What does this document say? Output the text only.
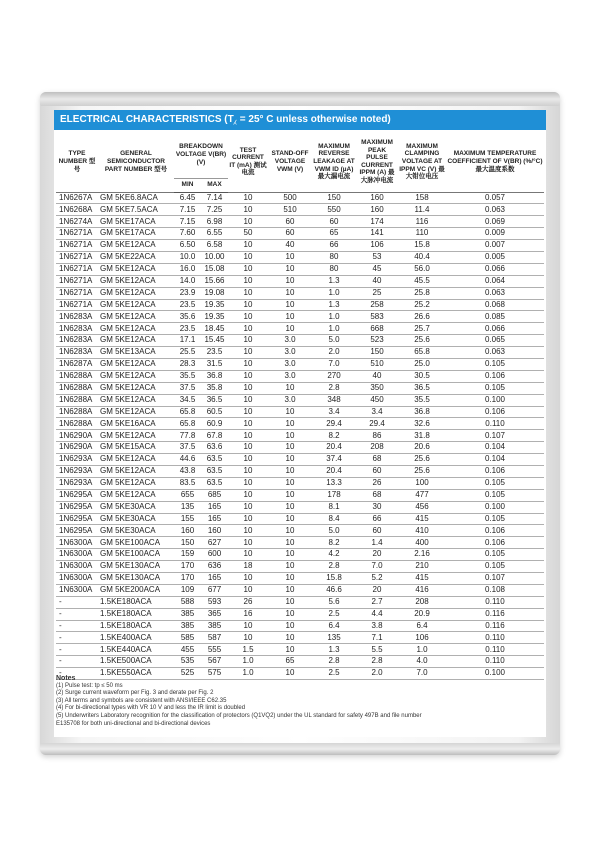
ELECTRICAL CHARACTERISTICS (T⁁ = 25° C unless otherwise noted)
TYPE NUMBER 型号	GENERAL SEMICONDUCTOR PART NUMBER 型号	BREAKDOWN VOLTAGE V(BR) (V)		TEST CURRENT IT (mA) 测试电流	STAND-OFF VOLTAGE VWM (V)	MAXIMUM REVERSE LEAKAGE AT VWM ID (µA) 最大漏电流	MAXIMUM PEAK PULSE CURRENT IPPM (A) 最大脉冲电流	MAXIMUM CLAMPING VOLTAGE AT IPPM VC (V) 最大钳位电压	MAXIMUM TEMPERATURE COEFFICIENT OF V(BR) (%/°C) 最大温度系数
		MIN	MAX						
1N6267A	GM 5KE6.8ACA	6.45	7.14	10	500	150	160	158	0.057
1N6268A	GM 5KE7.5ACA	7.15	7.25	10	510	550	160	11.4	0.063
1N6274A	GM 5KE17ACA	7.15	6.98	10	60	60	174	116	0.069
1N6271A	GM 5KE17ACA	7.60	6.55	50	60	65	141	110	0.009
1N6271A	GM 5KE12ACA	6.50	6.58	10	40	66	106	15.8	0.007
1N6271A	GM 5KE22ACA	10.0	10.00	10	10	80	53	40.4	0.005
1N6271A	GM 5KE12ACA	16.0	15.08	10	10	80	45	56.0	0.066
1N6271A	GM 5KE12ACA	14.0	15.66	10	10	1.3	40	45.5	0.064
1N6271A	GM 5KE12ACA	23.9	19.08	10	10	1.0	25	25.8	0.063
1N6271A	GM 5KE12ACA	23.5	19.35	10	10	1.3	258	25.2	0.068
1N6283A	GM 5KE12ACA	35.6	19.35	10	10	1.0	583	26.6	0.085
1N6283A	GM 5KE12ACA	23.5	18.45	10	10	1.0	668	25.7	0.066
1N6283A	GM 5KE12ACA	17.1	15.45	10	3.0	5.0	523	25.6	0.065
1N6283A	GM 5KE13ACA	25.5	23.5	10	3.0	2.0	150	65.8	0.063
1N6287A	GM 5KE12ACA	28.3	31.5	10	3.0	7.0	510	25.0	0.105
1N6288A	GM 5KE12ACA	35.5	36.8	10	3.0	270	40	30.5	0.106
1N6288A	GM 5KE12ACA	37.5	35.8	10	10	2.8	350	36.5	0.105
1N6288A	GM 5KE12ACA	34.5	36.5	10	3.0	348	450	35.5	0.100
1N6288A	GM 5KE12ACA	65.8	60.5	10	10	3.4	3.4	36.8	0.106
1N6288A	GM 5KE16ACA	65.8	60.9	10	10	29.4	29.4	32.6	0.110
1N6290A	GM 5KE12ACA	77.8	67.8	10	10	8.2	86	31.8	0.107
1N6290A	GM 5KE15ACA	37.5	63.6	10	10	20.4	208	20.6	0.104
1N6293A	GM 5KE12ACA	44.6	63.5	10	10	37.4	68	25.6	0.104
1N6293A	GM 5KE12ACA	43.8	63.5	10	10	20.4	60	25.6	0.106
1N6293A	GM 5KE12ACA	83.5	63.5	10	10	13.3	26	100	0.105
1N6295A	GM 5KE12ACA	655	685	10	10	178	68	477	0.105
1N6295A	GM 5KE30ACA	135	165	10	10	8.1	30	456	0.100
1N6295A	GM 5KE30ACA	155	165	10	10	8.4	66	415	0.105
1N6295A	GM 5KE30ACA	160	160	10	10	5.0	60	410	0.106
1N6300A	GM 5KE100ACA	150	627	10	10	8.2	1.4	400	0.106
1N6300A	GM 5KE100ACA	159	600	10	10	4.2	20	2.16	0.105
1N6300A	GM 5KE130ACA	170	636	18	10	2.8	7.0	210	0.105
1N6300A	GM 5KE130ACA	170	165	10	10	15.8	5.2	415	0.107
1N6300A	GM 5KE200ACA	109	677	10	10	46.6	20	416	0.108
-	1.5KE180ACA	588	593	26	10	5.6	2.7	208	0.110
-	1.5KE180ACA	385	365	16	10	2.5	4.4	20.9	0.116
-	1.5KE180ACA	385	385	10	10	6.4	3.8	6.4	0.116
-	1.5KE400ACA	585	587	10	10	135	7.1	106	0.110
-	1.5KE440ACA	455	555	1.5	10	1.3	5.5	1.0	0.110
-	1.5KE500ACA	535	567	1.0	65	2.8	2.8	4.0	0.110
-	1.5KE550ACA	525	575	1.0	10	2.5	2.0	7.0	0.100
Notes
(1) Pulse test: tp ≤ 50 ms
(2) Surge current waveform per Fig. 3 and derate per Fig. 2
(3) All terms and symbols are consistent with ANSI/IEEE C62.35
(4) For bi-directional types with VR 10 V and less the IR limit is doubled
(5) Underwriters Laboratory recognition for the classification of protectors (Q1VQ2) under the UL standard for safety 497B and file number
E135708 for both uni-directional and bi-directional devices
